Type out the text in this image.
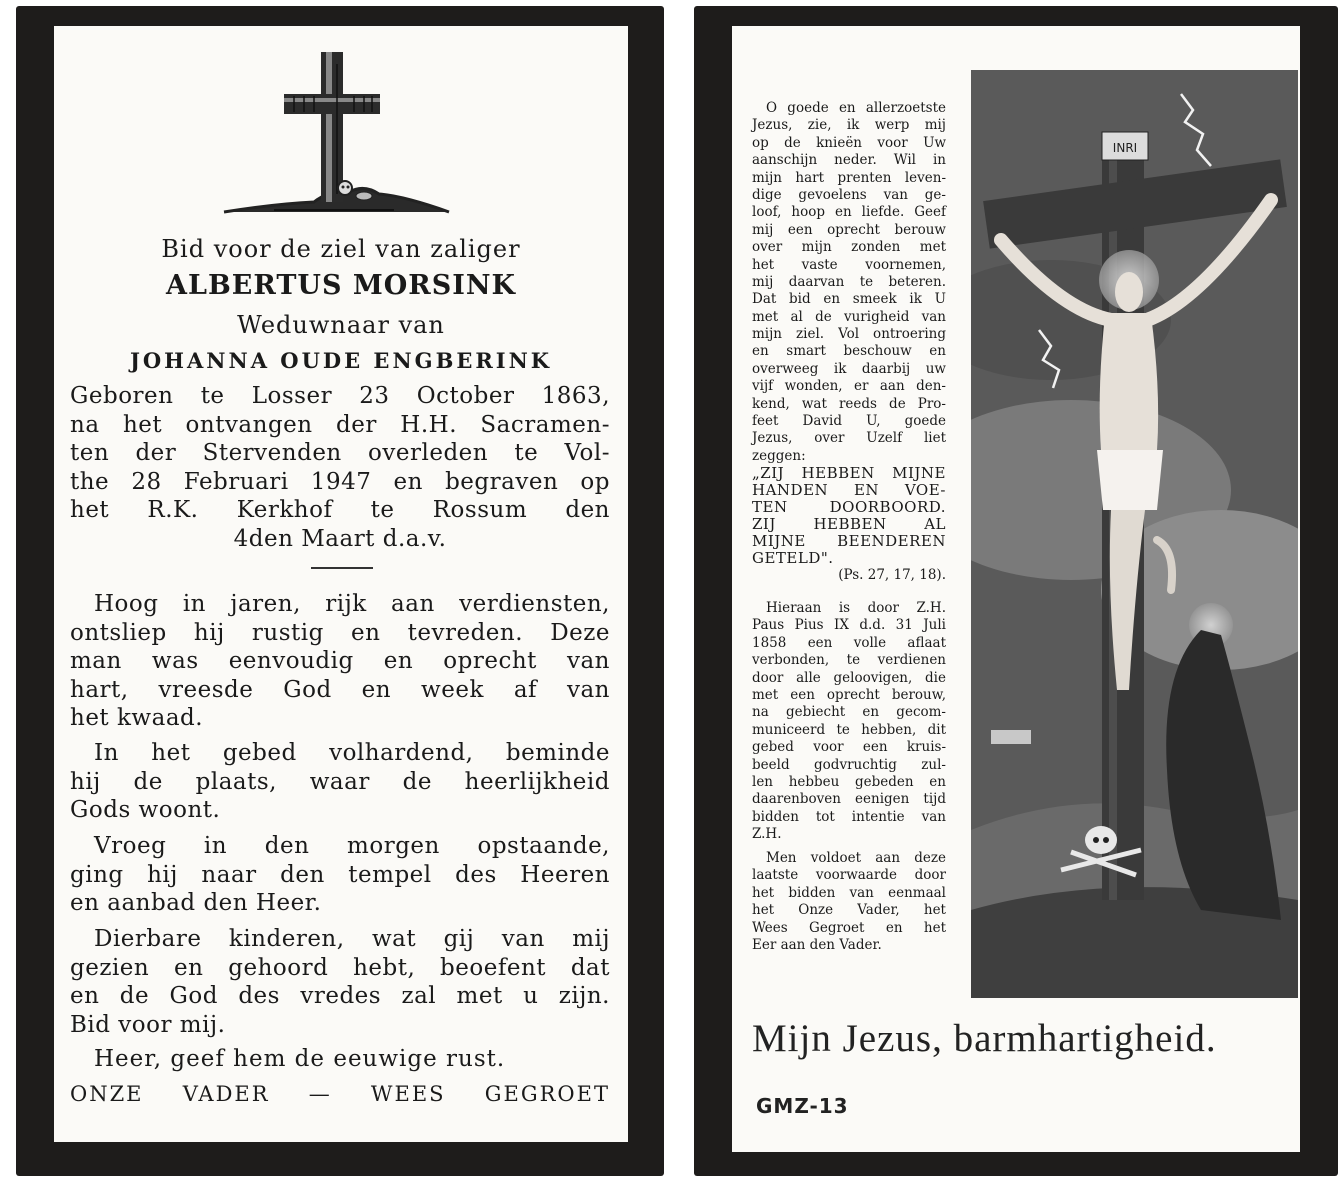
Bid voor de ziel van zaliger
ALBERTUS MORSINK
Weduwnaar van
JOHANNA OUDE ENGBERINK
Geboren te Losser 23 October 1863,
na het ontvangen der H.H. Sacramen-
ten der Stervenden overleden te Vol-
the 28 Februari 1947 en begraven op
het R.K. Kerkhof te Rossum den
4den Maart d.a.v.
Hoog in jaren, rijk aan verdiensten,
ontsliep hij rustig en tevreden. Deze
man was eenvoudig en oprecht van
hart, vreesde God en week af van
het kwaad.
In het gebed volhardend, beminde
hij de plaats, waar de heerlijkheid
Gods woont.
Vroeg in den morgen opstaande,
ging hij naar den tempel des Heeren
en aanbad den Heer.
Dierbare kinderen, wat gij van mij
gezien en gehoord hebt, beoefent dat
en de God des vredes zal met u zijn.
Bid voor mij.
Heer, geef hem de eeuwige rust.
ONZE VADER — WEES GEGROET
O goede en allerzoetste
Jezus, zie, ik werp mij
op de knieën voor Uw
aanschijn neder. Wil in
mijn hart prenten leven-
dige gevoelens van ge-
loof, hoop en liefde. Geef
mij een oprecht berouw
over mijn zonden met
het vaste voornemen,
mij daarvan te beteren.
Dat bid en smeek ik U
met al de vurigheid van
mijn ziel. Vol ontroering
en smart beschouw en
overweeg ik daarbij uw
vijf wonden, er aan den-
kend, wat reeds de Pro-
feet David U, goede
Jezus, over Uzelf liet
zeggen:
„ZIJ HEBBEN MIJNE
HANDEN EN VOE-
TEN DOORBOORD.
ZIJ HEBBEN AL
MIJNE BEENDEREN
GETELD".
(Ps. 27, 17, 18).
Hieraan is door Z.H.
Paus Pius IX d.d. 31 Juli
1858 een volle aflaat
verbonden, te verdienen
door alle geloovigen, die
met een oprecht berouw,
na gebiecht en gecom-
municeerd te hebben, dit
gebed voor een kruis-
beeld godvruchtig zul-
len hebbeu gebeden en
daarenboven eenigen tijd
bidden tot intentie van
Z.H.
Men voldoet aan deze
laatste voorwaarde door
het bidden van eenmaal
het Onze Vader, het
Wees Gegroet en het
Eer aan den Vader.
INRI
Mijn Jezus, barmhartigheid.
GMZ-13
